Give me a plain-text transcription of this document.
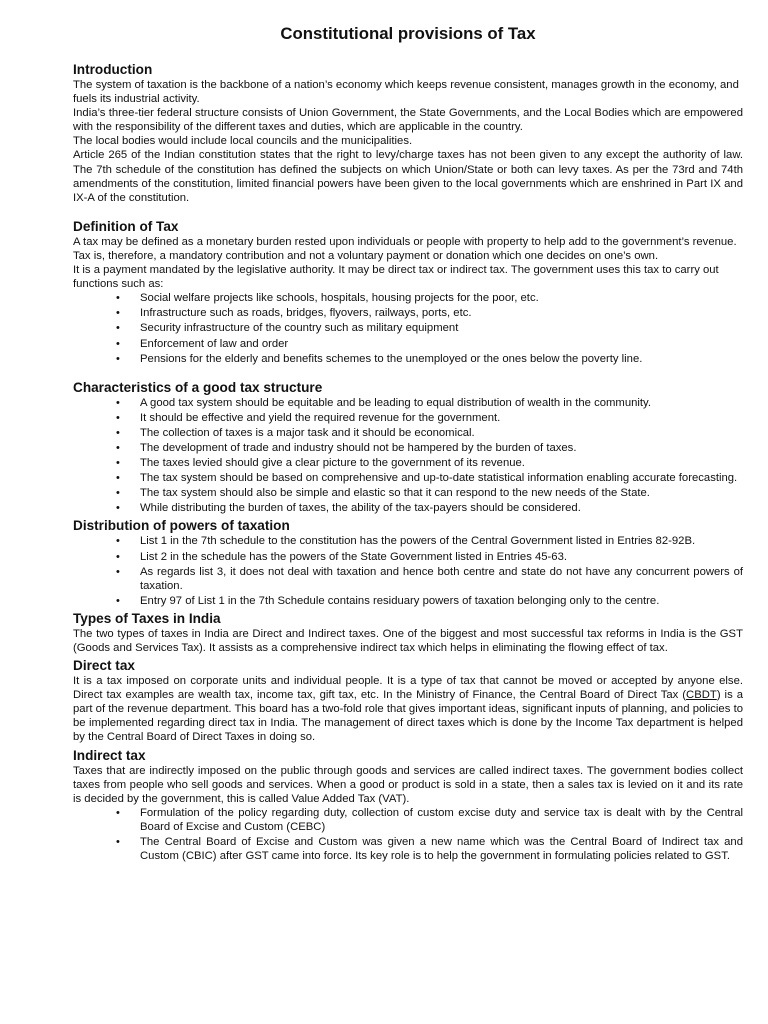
Constitutional provisions of Tax
Introduction

The system of taxation is the backbone of a nation’s economy which keeps revenue consistent, manages growth in the economy, and fuels its industrial activity.

India’s three-tier federal structure consists of Union Government, the State Governments, and the Local Bodies which are empowered with the responsibility of the different taxes and duties, which are applicable in the country.

The local bodies would include local councils and the municipalities.

Article 265 of the Indian constitution states that the right to levy/charge taxes has not been given to any except the authority of law. The 7th schedule of the constitution has defined the subjects on which Union/State or both can levy taxes. As per the 73rd and 74th amendments of the constitution, limited financial powers have been given to the local governments which are enshrined in Part IX and IX-A of the constitution.

Definition of Tax

A tax may be defined as a monetary burden rested upon individuals or people with property to help add to the government’s revenue. Tax is, therefore, a mandatory contribution and not a voluntary payment or donation which one decides on one’s own.

It is a payment mandated by the legislative authority. It may be direct tax or indirect tax. The government uses this tax to carry out functions such as:

• Social welfare projects like schools, hospitals, housing projects for the poor, etc.
• Infrastructure such as roads, bridges, flyovers, railways, ports, etc.
• Security infrastructure of the country such as military equipment
• Enforcement of law and order
• Pensions for the elderly and benefits schemes to the unemployed or the ones below the poverty line.
Characteristics of a good tax structure
• A good tax system should be equitable and be leading to equal distribution of wealth in the community.
• It should be effective and yield the required revenue for the government.
• The collection of taxes is a major task and it should be economical.
• The development of trade and industry should not be hampered by the burden of taxes.
• The taxes levied should give a clear picture to the government of its revenue.
• The tax system should be based on comprehensive and up-to-date statistical information enabling accurate forecasting.
• The tax system should also be simple and elastic so that it can respond to the new needs of the State.
• While distributing the burden of taxes, the ability of the tax-payers should be considered.
Distribution of powers of taxation
• List 1 in the 7th schedule to the constitution has the powers of the Central Government listed in Entries 82-92B.
• List 2 in the schedule has the powers of the State Government listed in Entries 45-63.
• As regards list 3, it does not deal with taxation and hence both centre and state do not have any concurrent powers of taxation.
• Entry 97 of List 1 in the 7th Schedule contains residuary powers of taxation belonging only to the centre.
Types of Taxes in India

The two types of taxes in India are Direct and Indirect taxes. One of the biggest and most successful tax reforms in India is the GST (Goods and Services Tax). It assists as a comprehensive indirect tax which helps in eliminating the flowing effect of tax.

Direct tax

It is a tax imposed on corporate units and individual people. It is a type of tax that cannot be moved or accepted by anyone else. Direct tax examples are wealth tax, income tax, gift tax, etc. In the Ministry of Finance, the Central Board of Direct Tax (CBDT) is a part of the revenue department. This board has a two-fold role that gives important ideas, significant inputs of planning, and policies to be implemented regarding direct tax in India. The management of direct taxes which is done by the Income Tax department is helped by the Central Board of Direct Taxes in doing so.

Indirect tax

Taxes that are indirectly imposed on the public through goods and services are called indirect taxes. The government bodies collect taxes from people who sell goods and services. When a good or product is sold in a state, then a sales tax is levied on it and its rate is decided by the government, this is called Value Added Tax (VAT).

• Formulation of the policy regarding duty, collection of custom excise duty and service tax is dealt with by the Central Board of Excise and Custom (CEBC)
• The Central Board of Excise and Custom was given a new name which was the Central Board of Indirect tax and Custom (CBIC) after GST came into force. Its key role is to help the government in formulating policies related to GST.
